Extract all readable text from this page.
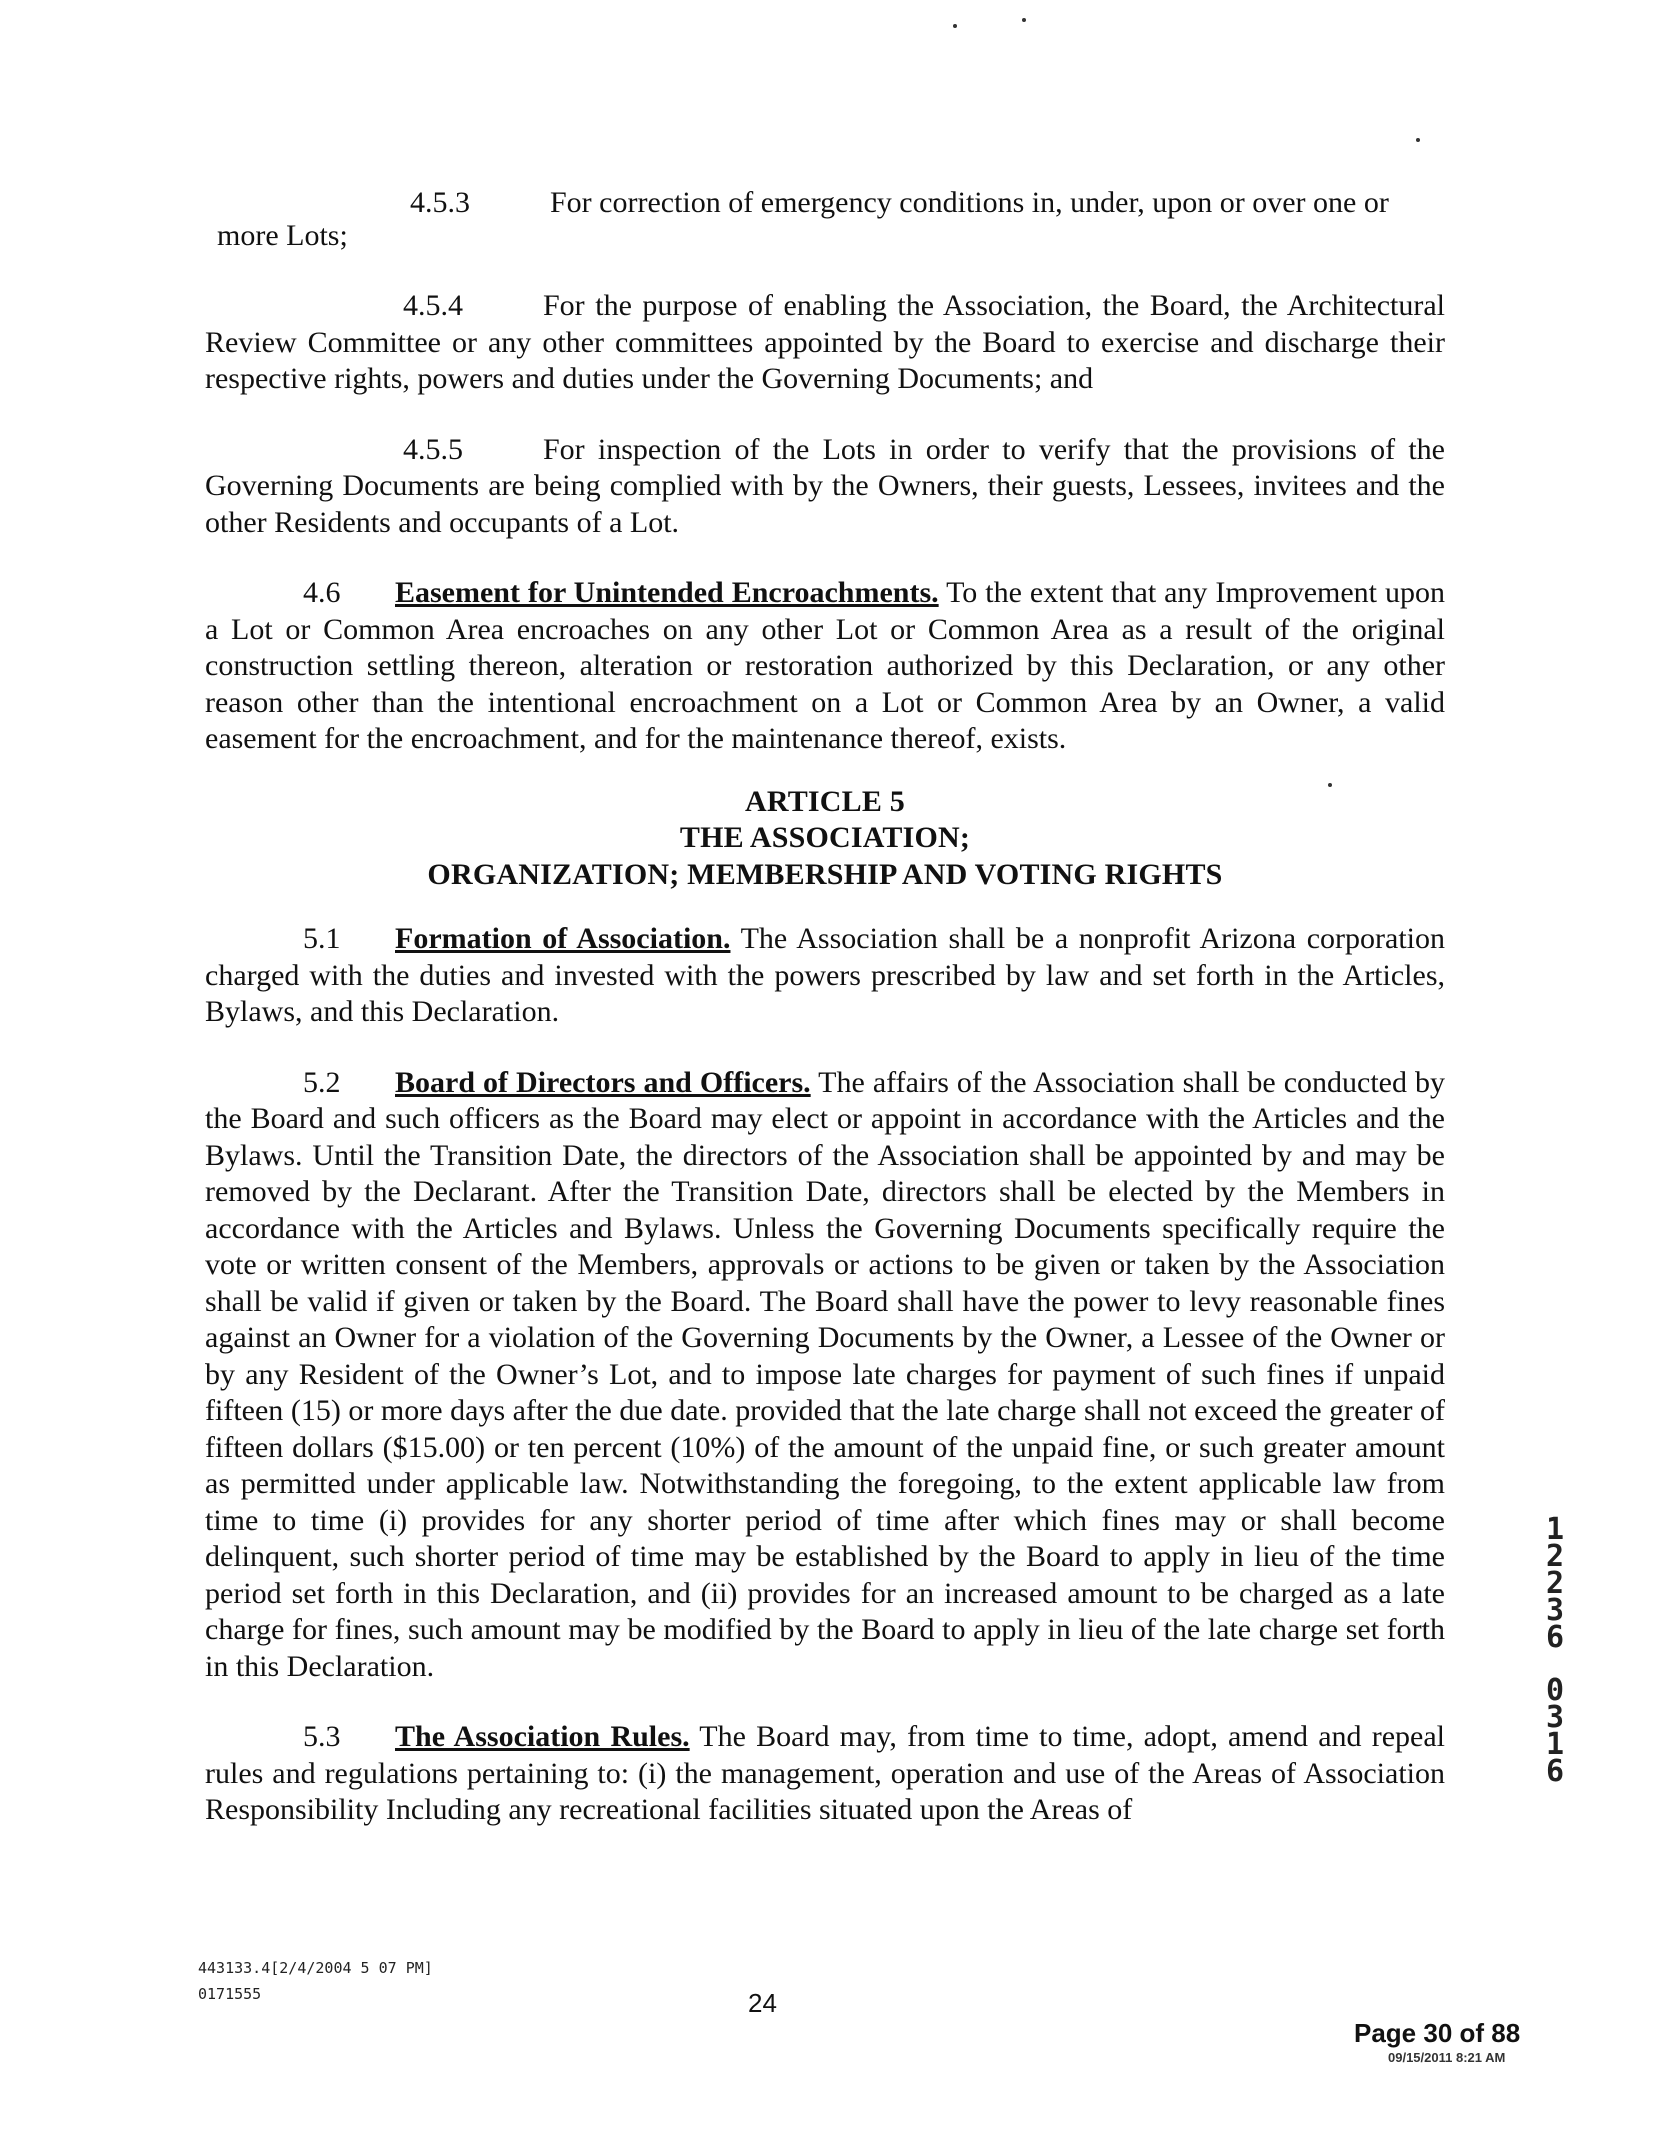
4.5.3	For correction of emergency conditions in, under, upon or over one or
more Lots;

4.5.4	For the purpose of enabling the Association, the Board, the Architectural Review Committee or any other committees appointed by the Board to exercise and discharge their respective rights, powers and duties under the Governing Documents; and

4.5.5	For inspection of the Lots in order to verify that the provisions of the Governing Documents are being complied with by the Owners, their guests, Lessees, invitees and the other Residents and occupants of a Lot.

4.6 Easement for Unintended Encroachments. To the extent that any Improvement upon a Lot or Common Area encroaches on any other Lot or Common Area as a result of the original construction settling thereon, alteration or restoration authorized by this Declaration, or any other reason other than the intentional encroachment on a Lot or Common Area by an Owner, a valid easement for the encroachment, and for the maintenance thereof, exists.

ARTICLE 5
THE ASSOCIATION;
ORGANIZATION; MEMBERSHIP AND VOTING RIGHTS

5.1 Formation of Association. The Association shall be a nonprofit Arizona corporation charged with the duties and invested with the powers prescribed by law and set forth in the Articles, Bylaws, and this Declaration.

5.2 Board of Directors and Officers. The affairs of the Association shall be conducted by the Board and such officers as the Board may elect or appoint in accordance with the Articles and the Bylaws. Until the Transition Date, the directors of the Association shall be appointed by and may be removed by the Declarant. After the Transition Date, directors shall be elected by the Members in accordance with the Articles and Bylaws. Unless the Governing Documents specifically require the vote or written consent of the Members, approvals or actions to be given or taken by the Association shall be valid if given or taken by the Board. The Board shall have the power to levy reasonable fines against an Owner for a violation of the Governing Documents by the Owner, a Lessee of the Owner or by any Resident of the Owner’s Lot, and to impose late charges for payment of such fines if unpaid fifteen (15) or more days after the due date. provided that the late charge shall not exceed the greater of fifteen dollars ($15.00) or ten percent (10%) of the amount of the unpaid fine, or such greater amount as permitted under applicable law. Notwithstanding the foregoing, to the extent applicable law from time to time (i) provides for any shorter period of time after which fines may or shall become delinquent, such shorter period of time may be established by the Board to apply in lieu of the time period set forth in this Declaration, and (ii) provides for an increased amount to be charged as a late charge for fines, such amount may be modified by the Board to apply in lieu of the late charge set forth in this Declaration.

5.3 The Association Rules. The Board may, from time to time, adopt, amend and repeal rules and regulations pertaining to: (i) the management, operation and use of the Areas of Association Responsibility Including any recreational facilities situated upon the Areas of

1
2
2
3
6
0
3
1
6
443133.4[2/4/2004 5 07 PM]
0171555	24
Page 30 of 88
09/15/2011 8:21 AM
